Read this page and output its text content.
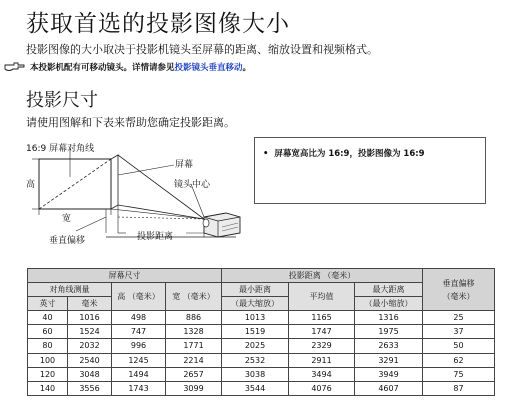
获取首选的投影图像大小
投影图像的大小取决于投影机镜头至屏幕的距离、缩放设置和视频格式。
本投影机配有可移动镜头。详情请参见 投影镜头垂直移动 。
投影尺寸
请使用图解和下表来帮助您确定投影距离。
16:9 屏幕对角线
高
宽
屏幕
镜头中心
垂直偏移	投影距离
•  屏幕宽高比为 16:9，投影图像为 16:9
屏幕尺寸				投影距离 （毫米）			垂直偏移
（毫米）
对角线测量		高 （毫米）	宽 （毫米）	最小距离	平均值	最大距离	
英寸	毫米			（最大缩放）		（最小缩放）	
40	1016	498	886	1013	1165	1316	25
60	1524	747	1328	1519	1747	1975	37
80	2032	996	1771	2025	2329	2633	50
100	2540	1245	2214	2532	2911	3291	62
120	3048	1494	2657	3038	3494	3949	75
140	3556	1743	3099	3544	4076	4607	87
